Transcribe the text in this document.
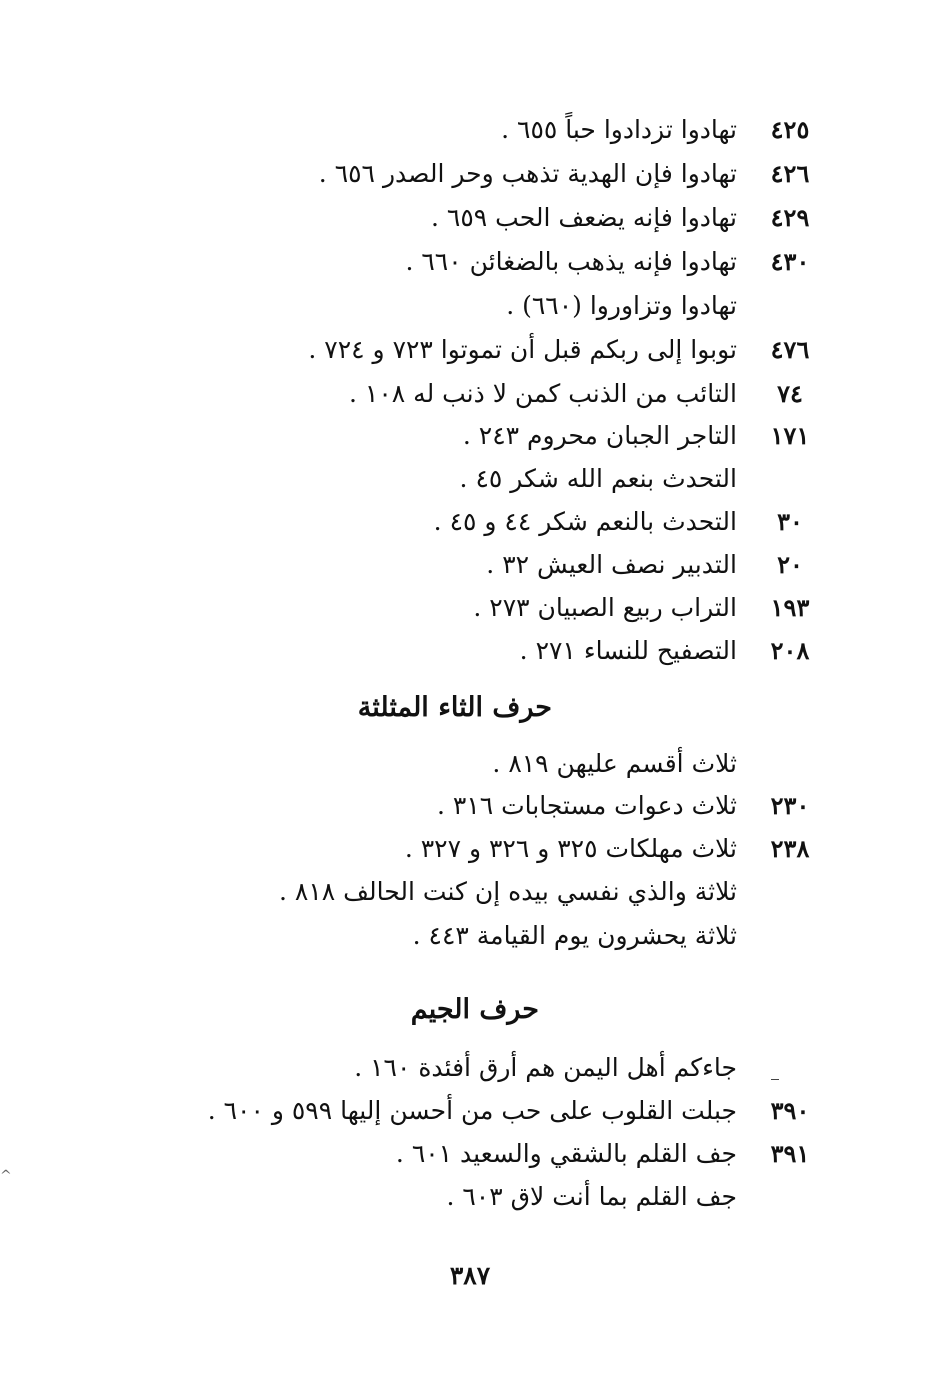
٤٢٥
تهادوا تزدادوا حباً ٦٥٥ .
٤٢٦
تهادوا فإن الهدية تذهب وحر الصدر ٦٥٦ .
٤٢٩
تهادوا فإنه يضعف الحب ٦٥٩ .
٤٣٠
تهادوا فإنه يذهب بالضغائن ٦٦٠ .
تهادوا وتزاوروا (٦٦٠) .
٤٧٦
توبوا إلى ربكم قبل أن تموتوا ٧٢٣ و ٧٢٤ .
٧٤
التائب من الذنب كمن لا ذنب له ١٠٨ .
١٧١
التاجر الجبان محروم ٢٤٣ .
التحدث بنعم الله شكر ٤٥ .
٣٠
التحدث بالنعم شكر ٤٤ و ٤٥ .
٢٠
التدبير نصف العيش ٣٢ .
١٩٣
التراب ربيع الصبيان ٢٧٣ .
٢٠٨
التصفيح للنساء ٢٧١ .
حرف الثاء المثلثة
ثلاث أقسم عليهن ٨١٩ .
٢٣٠
ثلاث دعوات مستجابات ٣١٦ .
٢٣٨
ثلاث مهلكات ٣٢٥ و ٣٢٦ و ٣٢٧ .
ثلاثة والذي نفسي بيده إن كنت الحالف ٨١٨ .
ثلاثة يحشرون يوم القيامة ٤٤٣ .
حرف الجيم
جاءكم أهل اليمن هم أرق أفئدة ١٦٠ .
٣٩٠
جبلت القلوب على حب من أحسن إليها ٥٩٩ و ٦٠٠ .
٣٩١
جف القلم بالشقي والسعيد ٦٠١ .
جف القلم بما أنت لاق ٦٠٣ .
^
٣٨٧
